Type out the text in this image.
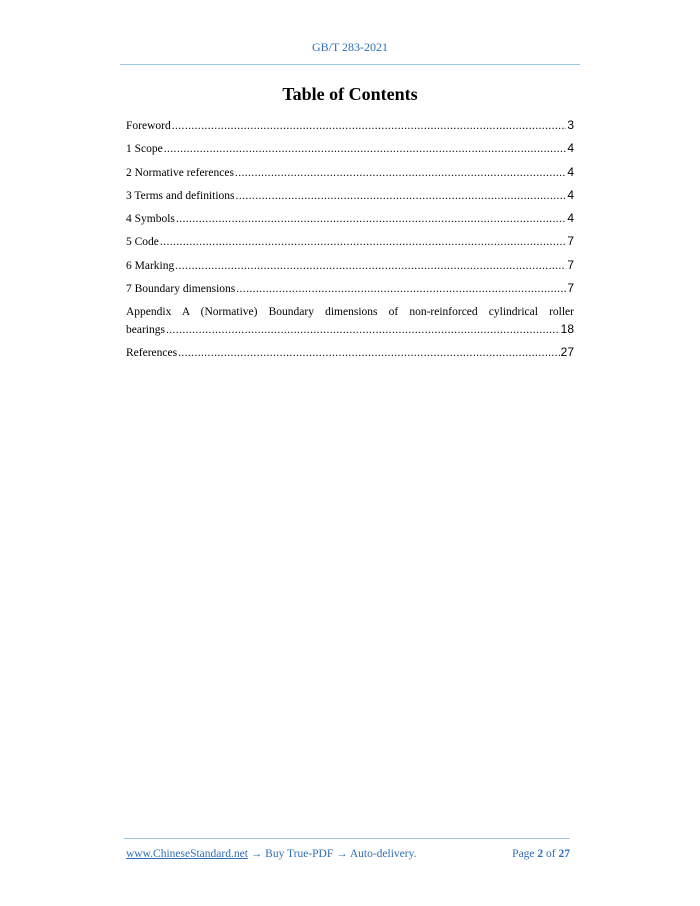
GB/T 283-2021
Table of Contents
Foreword .....	3
1 Scope .....	4
2 Normative references .....	4
3 Terms and definitions .....	4
4 Symbols .....	4
5 Code .....	7
6 Marking .....	7
7 Boundary dimensions .....	7
Appendix A (Normative) Boundary dimensions of non-reinforced cylindrical roller
bearings .....	18
References .....	27
www.ChineseStandard.net → Buy True-PDF → Auto-delivery.	Page 2 of 27
